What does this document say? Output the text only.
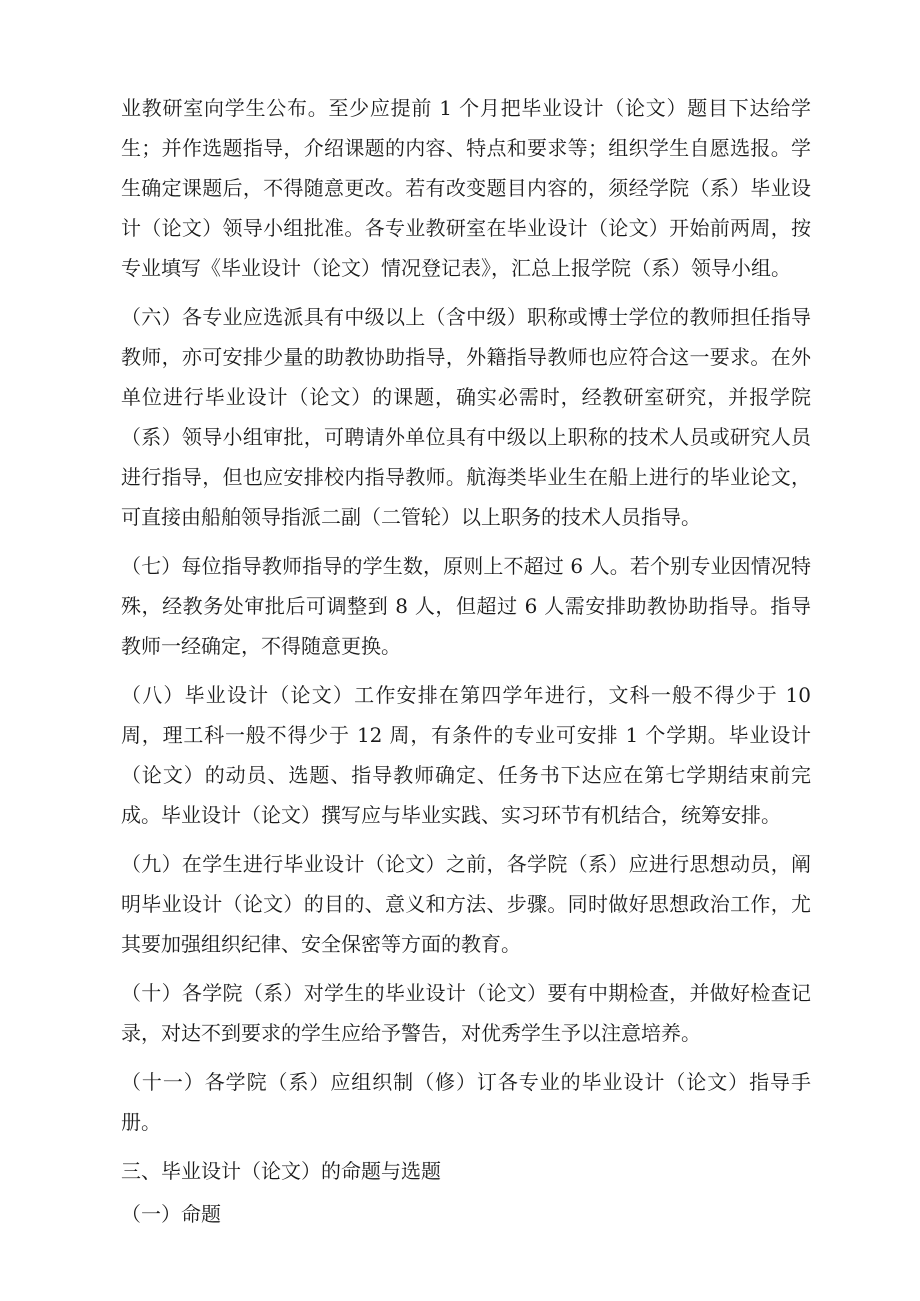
业教研室向学生公布。至少应提前 1 个月把毕业设计（论文）题目下达给学生；并作选题指导，介绍课题的内容、特点和要求等；组织学生自愿选报。学生确定课题后，不得随意更改。若有改变题目内容的，须经学院（系）毕业设计（论文）领导小组批准。各专业教研室在毕业设计（论文）开始前两周，按专业填写《毕业设计（论文）情况登记表》，汇总上报学院（系）领导小组。

（六）各专业应选派具有中级以上（含中级）职称或博士学位的教师担任指导教师，亦可安排少量的助教协助指导，外籍指导教师也应符合这一要求。在外单位进行毕业设计（论文）的课题，确实必需时，经教研室研究，并报学院（系）领导小组审批，可聘请外单位具有中级以上职称的技术人员或研究人员进行指导，但也应安排校内指导教师。航海类毕业生在船上进行的毕业论文，可直接由船舶领导指派二副（二管轮）以上职务的技术人员指导。

（七）每位指导教师指导的学生数，原则上不超过 6 人。若个别专业因情况特殊，经教务处审批后可调整到 8 人，但超过 6 人需安排助教协助指导。指导教师一经确定，不得随意更换。

（八）毕业设计（论文）工作安排在第四学年进行，文科一般不得少于 10 周，理工科一般不得少于 12 周，有条件的专业可安排 1 个学期。毕业设计（论文）的动员、选题、指导教师确定、任务书下达应在第七学期结束前完成。毕业设计（论文）撰写应与毕业实践、实习环节有机结合，统筹安排。

（九）在学生进行毕业设计（论文）之前，各学院（系）应进行思想动员，阐明毕业设计（论文）的目的、意义和方法、步骤。同时做好思想政治工作，尤其要加强组织纪律、安全保密等方面的教育。

（十）各学院（系）对学生的毕业设计（论文）要有中期检查，并做好检查记录，对达不到要求的学生应给予警告，对优秀学生予以注意培养。

（十一）各学院（系）应组织制（修）订各专业的毕业设计（论文）指导手册。

三、毕业设计（论文）的命题与选题

（一）命题
